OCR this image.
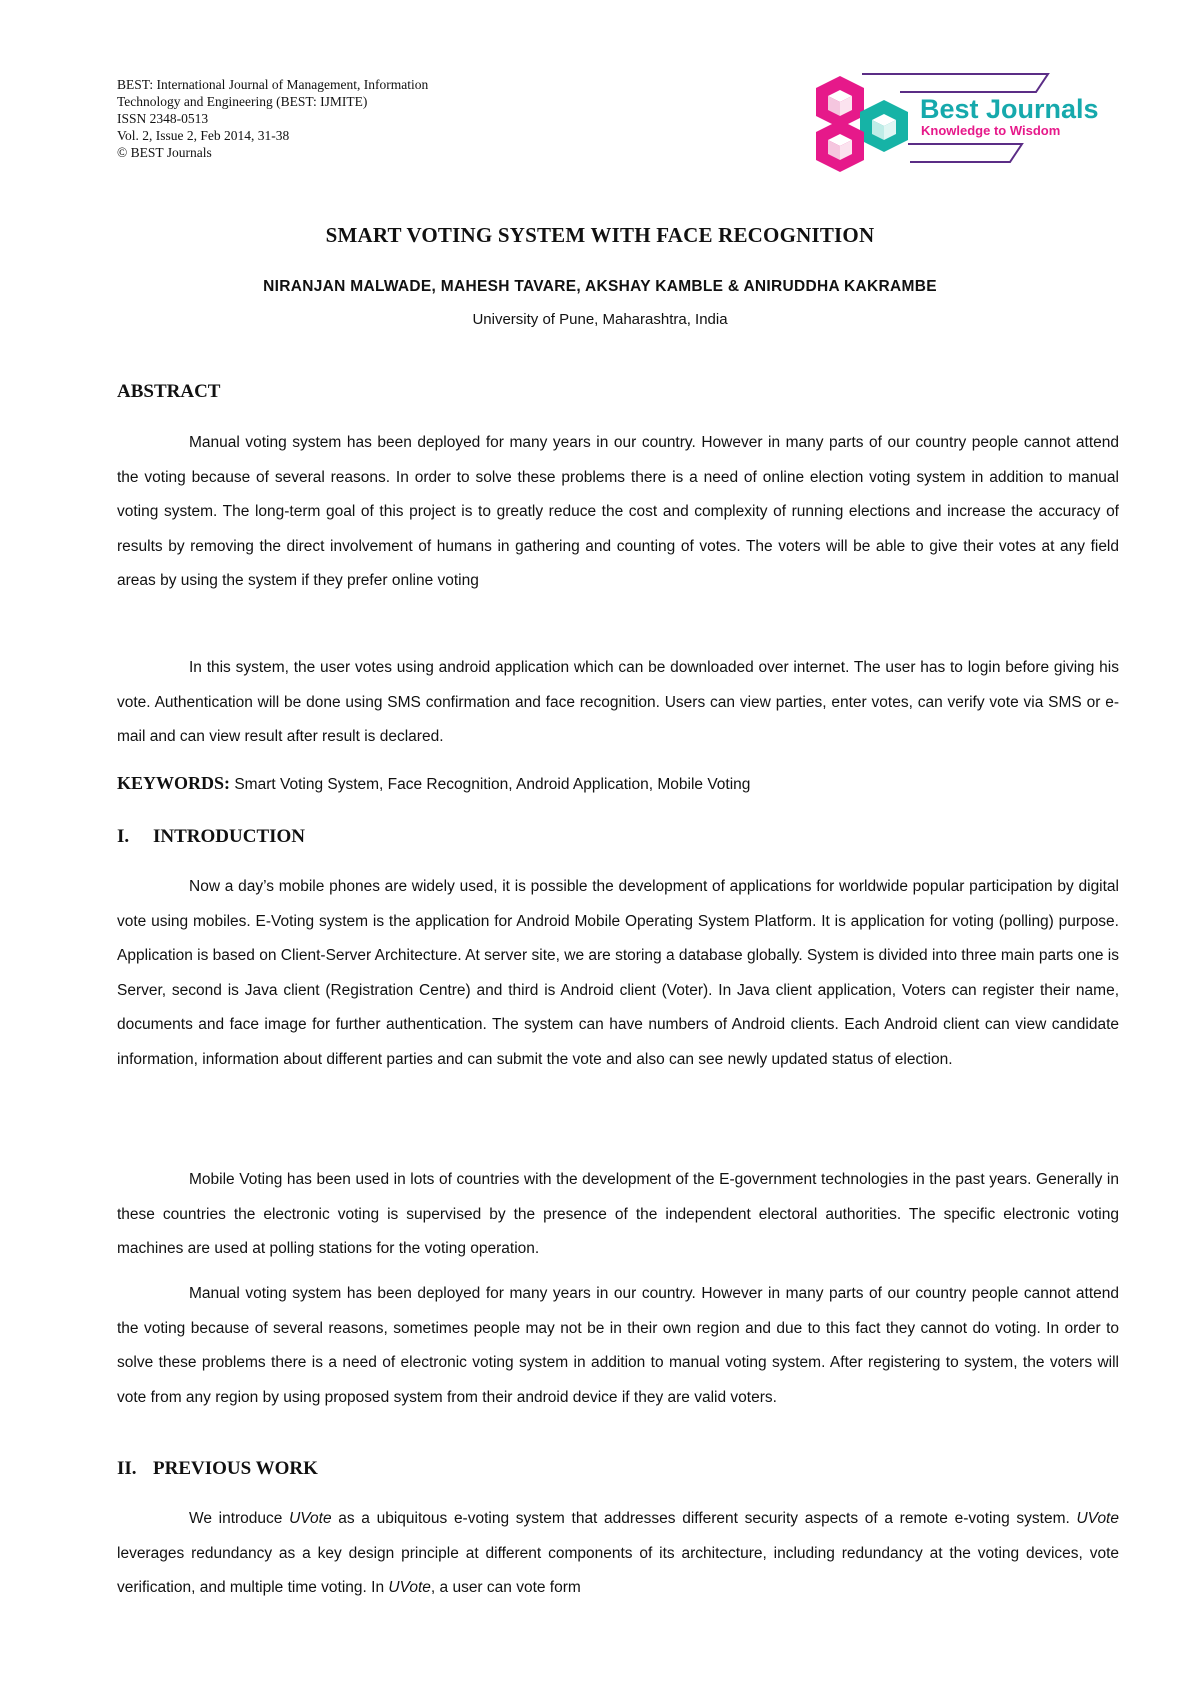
BEST: International Journal of Management, Information
Technology and Engineering (BEST: IJMITE)
ISSN 2348-0513
Vol. 2, Issue 2, Feb 2014, 31-38
© BEST Journals
Best Journals
Knowledge to Wisdom
SMART VOTING SYSTEM WITH FACE RECOGNITION
NIRANJAN MALWADE, MAHESH TAVARE, AKSHAY KAMBLE & ANIRUDDHA KAKRAMBE
University of Pune, Maharashtra, India
ABSTRACT

Manual voting system has been deployed for many years in our country. However in many parts of our country people cannot attend the voting because of several reasons. In order to solve these problems there is a need of online election voting system in addition to manual voting system. The long-term goal of this project is to greatly reduce the cost and complexity of running elections and increase the accuracy of results by removing the direct involvement of humans in gathering and counting of votes. The voters will be able to give their votes at any field areas by using the system if they prefer online voting

In this system, the user votes using android application which can be downloaded over internet. The user has to login before giving his vote. Authentication will be done using SMS confirmation and face recognition. Users can view parties, enter votes, can verify vote via SMS or e-mail and can view result after result is declared.

KEYWORDS: Smart Voting System, Face Recognition, Android Application, Mobile Voting
I. INTRODUCTION

Now a day’s mobile phones are widely used, it is possible the development of applications for worldwide popular participation by digital vote using mobiles. E-Voting system is the application for Android Mobile Operating System Platform. It is application for voting (polling) purpose. Application is based on Client-Server Architecture. At server site, we are storing a database globally. System is divided into three main parts one is Server, second is Java client (Registration Centre) and third is Android client (Voter). In Java client application, Voters can register their name, documents and face image for further authentication. The system can have numbers of Android clients. Each Android client can view candidate information, information about different parties and can submit the vote and also can see newly updated status of election.

Mobile Voting has been used in lots of countries with the development of the E-government technologies in the past years. Generally in these countries the electronic voting is supervised by the presence of the independent electoral authorities. The specific electronic voting machines are used at polling stations for the voting operation.

Manual voting system has been deployed for many years in our country. However in many parts of our country people cannot attend the voting because of several reasons, sometimes people may not be in their own region and due to this fact they cannot do voting. In order to solve these problems there is a need of electronic voting system in addition to manual voting system. After registering to system, the voters will vote from any region by using proposed system from their android device if they are valid voters.

II. PREVIOUS WORK

We introduce UVote as a ubiquitous e-voting system that addresses different security aspects of a remote e-voting system. UVote leverages redundancy as a key design principle at different components of its architecture, including redundancy at the voting devices, vote verification, and multiple time voting. In UVote, a user can vote form
